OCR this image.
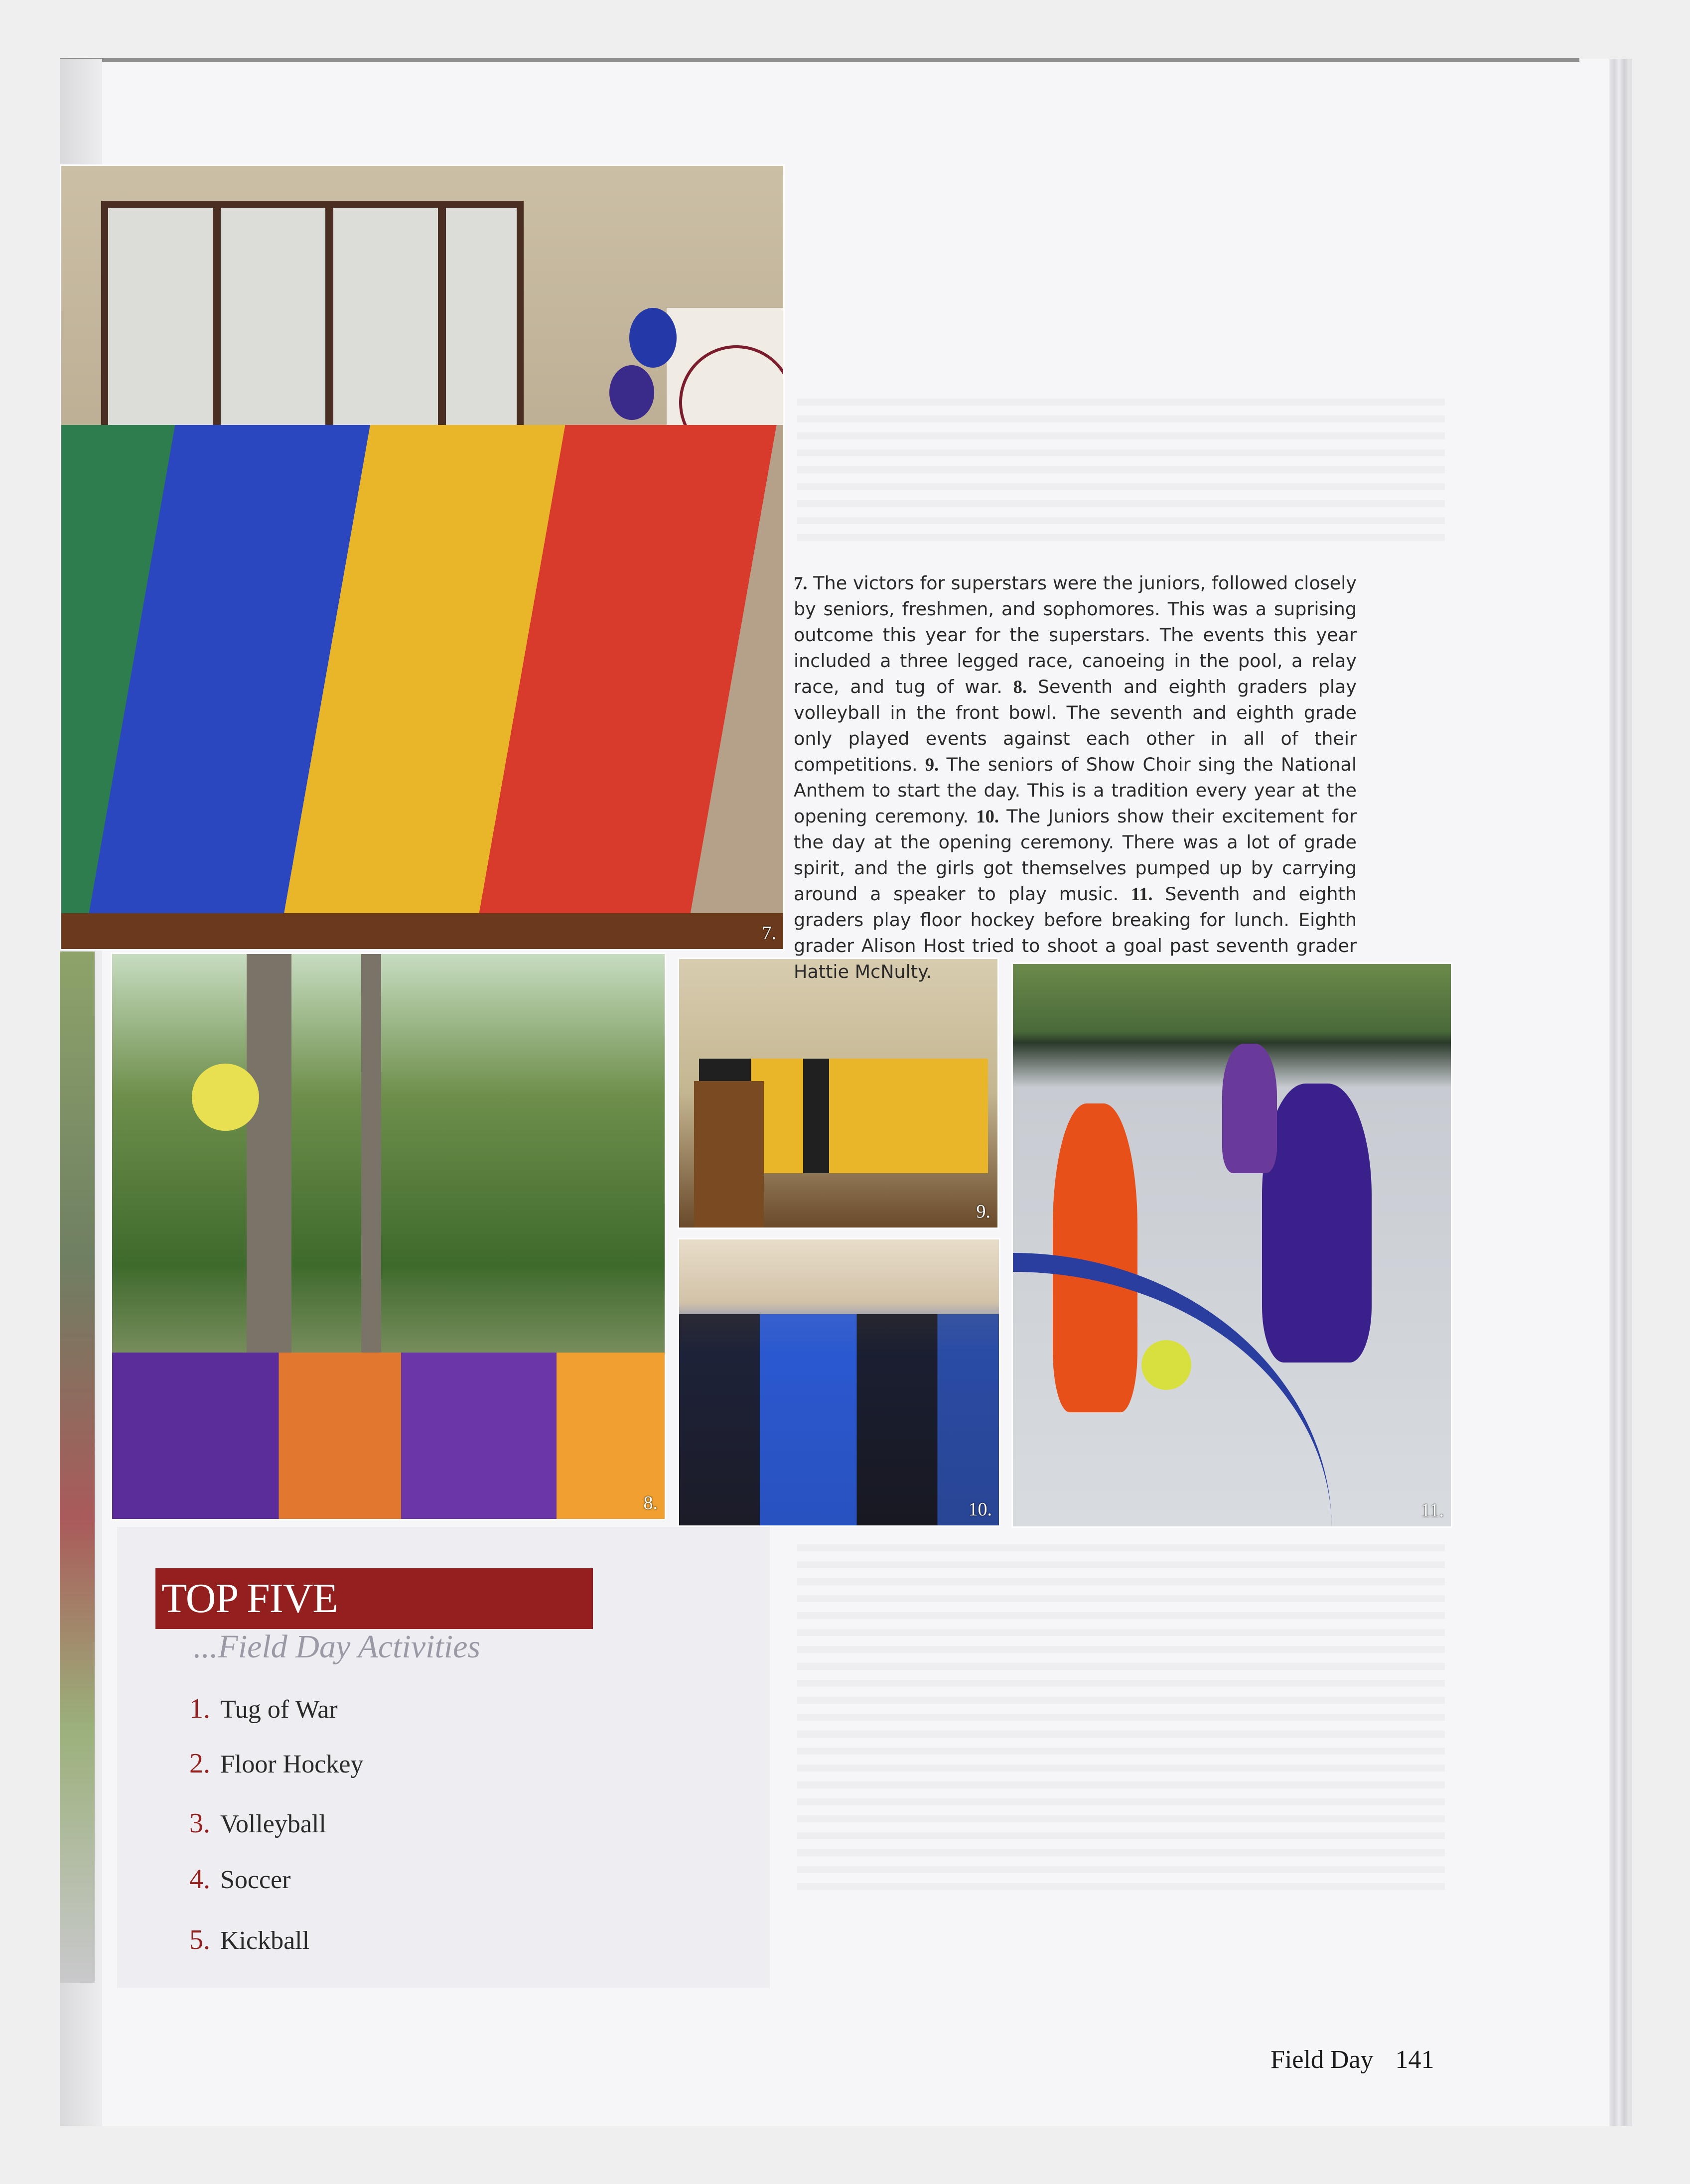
7.
8.
9.
10.	11.
7. The victors for superstars were the juniors, followed closely by seniors, freshmen, and sophomores. This was a suprising outcome this year for the superstars. The events this year included a three legged race, canoeing in the pool, a relay race, and tug of war. 8. Seventh and eighth graders play volleyball in the front bowl. The seventh and eighth grade only played events against each other in all of their competitions. 9. The seniors of Show Choir sing the National Anthem to start the day. This is a tradition every year at the opening ceremony. 10. The Juniors show their excitement for the day at the opening ceremony. There was a lot of grade spirit, and the girls got themselves pumped up by carrying around a speaker to play music. 11. Seventh and eighth graders play floor hockey before breaking for lunch. Eighth grader Alison Host tried to shoot a goal past seventh grader Hattie McNulty.
TOP FIVE
...Field Day Activities
1. Tug of War
2. Floor Hockey
3. Volleyball
4. Soccer
5. Kickball
Field Day 141
